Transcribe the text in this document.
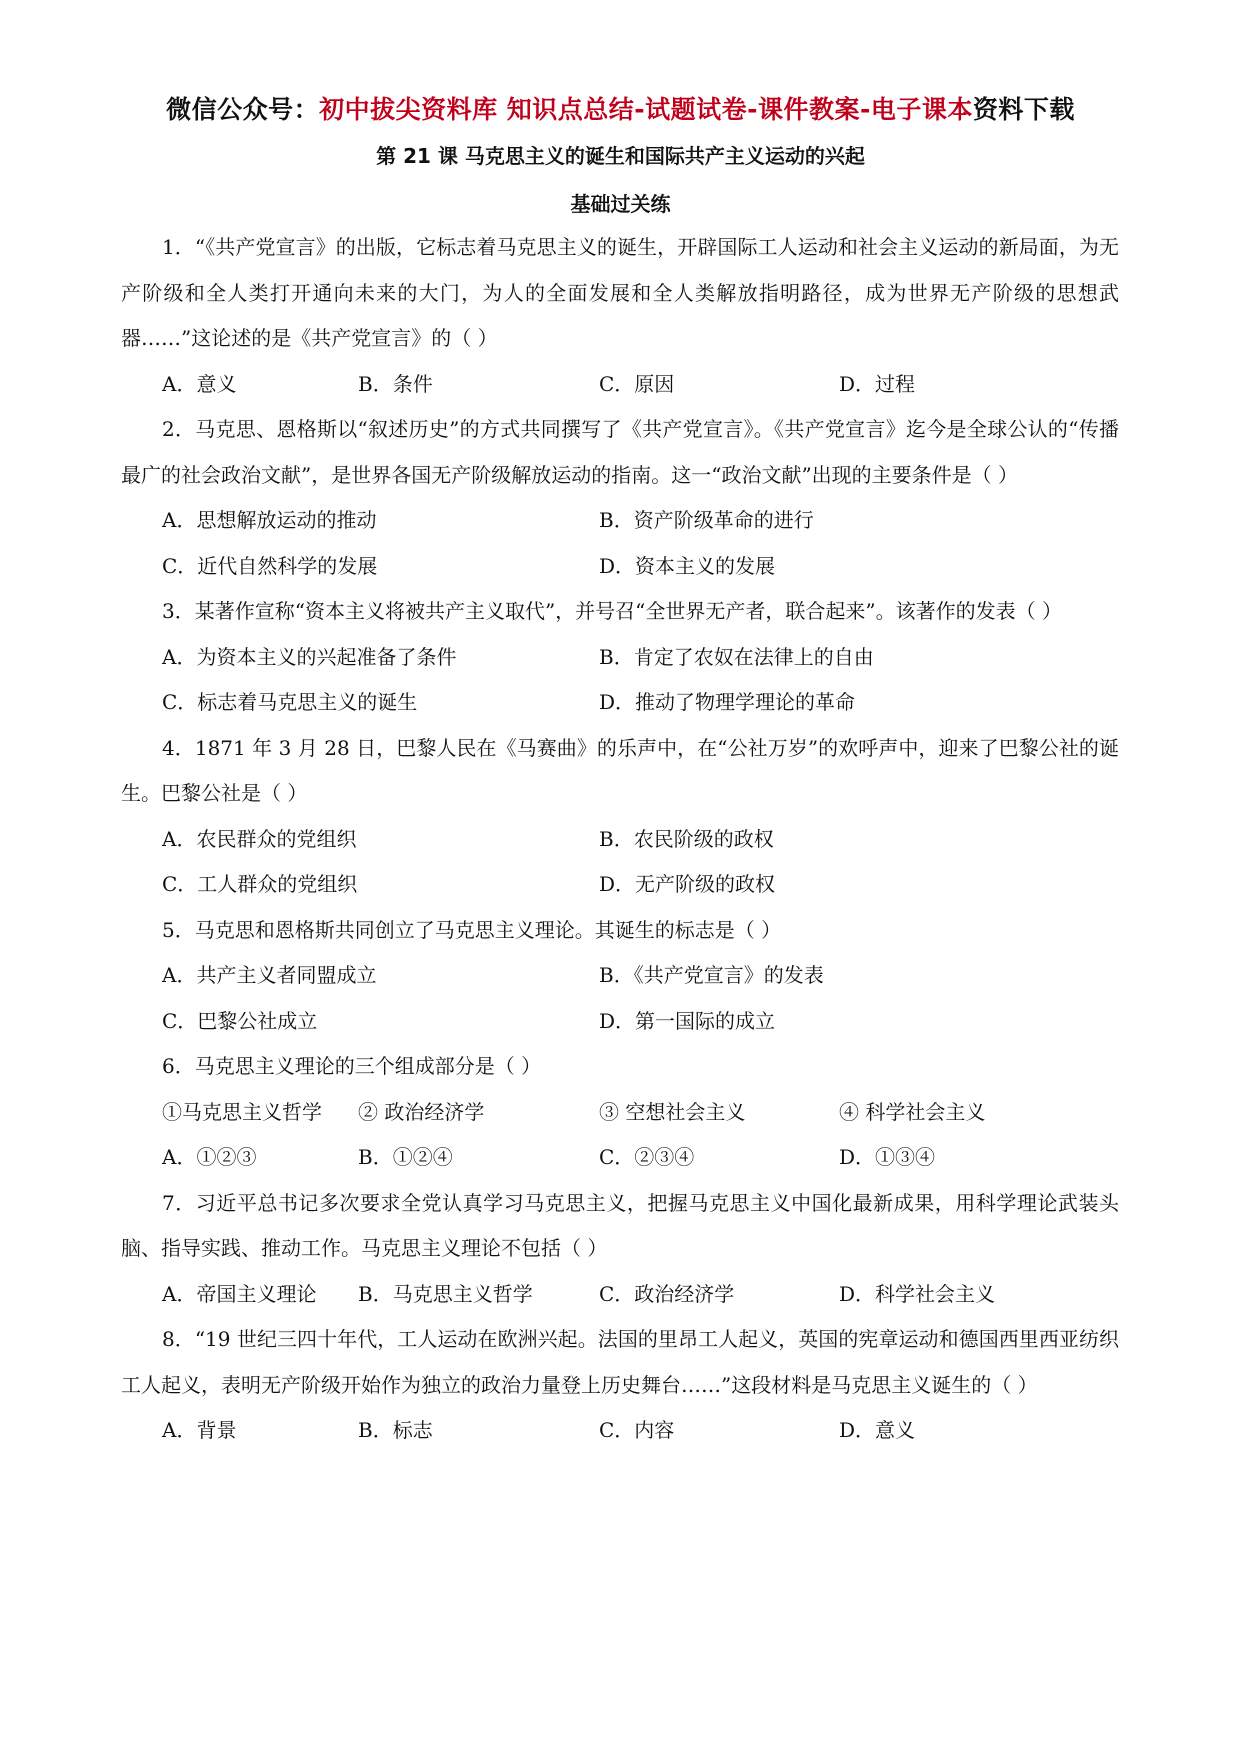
微信公众号：初中拔尖资料库 知识点总结-试题试卷-课件教案-电子课本资料下载
第 21 课 马克思主义的诞生和国际共产主义运动的兴起
基础过关练

1．“《共产党宣言》的出版，它标志着马克思主义的诞生，开辟国际工人运动和社会主义运动的新局面，为无产阶级和全人类打开通向未来的大门，为人的全面发展和全人类解放指明路径，成为世界无产阶级的思想武器……”这论述的是《共产党宣言》的（ ）

A．意义	B．条件	C．原因	D．过程

2．马克思、恩格斯以“叙述历史”的方式共同撰写了《共产党宣言》。《共产党宣言》迄今是全球公认的“传播最广的社会政治文献”，是世界各国无产阶级解放运动的指南。这一“政治文献”出现的主要条件是（ ）

A．思想解放运动的推动	B．资产阶级革命的进行
C．近代自然科学的发展	D．资本主义的发展

3．某著作宣称“资本主义将被共产主义取代”，并号召“全世界无产者，联合起来”。该著作的发表（ ）

A．为资本主义的兴起准备了条件	B．肯定了农奴在法律上的自由
C．标志着马克思主义的诞生	D．推动了物理学理论的革命

4．1871 年 3 月 28 日，巴黎人民在《马赛曲》的乐声中，在“公社万岁”的欢呼声中，迎来了巴黎公社的诞生。巴黎公社是（ ）

A．农民群众的党组织	B．农民阶级的政权
C．工人群众的党组织	D．无产阶级的政权

5．马克思和恩格斯共同创立了马克思主义理论。其诞生的标志是（ ）

A．共产主义者同盟成立	B．《共产党宣言》的发表
C．巴黎公社成立	D．第一国际的成立

6．马克思主义理论的三个组成部分是（ ）

①马克思主义哲学 ② 政治经济学	③ 空想社会主义	④ 科学社会主义
A．①②③	B．①②④	C．②③④	D．①③④

7．习近平总书记多次要求全党认真学习马克思主义，把握马克思主义中国化最新成果，用科学理论武装头脑、指导实践、推动工作。马克思主义理论不包括（ ）

A．帝国主义理论 B．马克思主义哲学	C．政治经济学	D．科学社会主义

8．“19 世纪三四十年代，工人运动在欧洲兴起。法国的里昂工人起义，英国的宪章运动和德国西里西亚纺织工人起义，表明无产阶级开始作为独立的政治力量登上历史舞台……”这段材料是马克思主义诞生的（ ）

A．背景	B．标志	C．内容	D．意义
